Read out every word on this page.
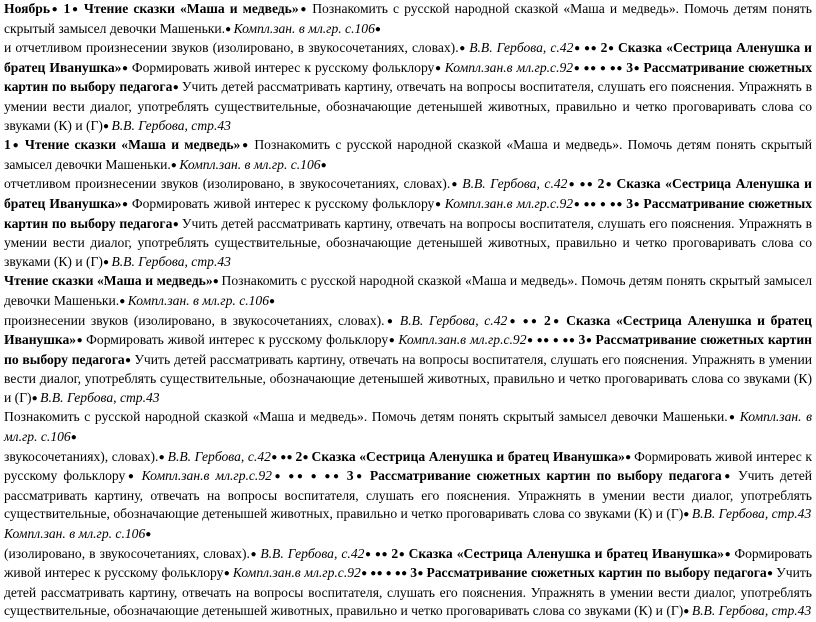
Ноябрь● 1● Чтение сказки «Маша и медведь»● Познакомить с русской народной сказкой «Маша и медведь». Помочь детям понять скрытый замысел девочки Машеньки.● Компл.зан. в мл.гр. с.106●

и отчетливом произнесении звуков (изолировано, в звукосочетаниях, словах).● В.В. Гербова, с.42● ●● 2● Сказка «Сестрица Аленушка и братец Иванушка»● Формировать живой интерес к русскому фольклору● Компл.зан.в мл.гр.с.92● ●● ● ●● 3● Рассматривание сюжетных картин по выбору педагога● Учить детей рассматривать картину, отвечать на вопросы воспитателя, слушать его пояснения. Упражнять в умении вести диалог, употреблять существительные, обозначающие детенышей животных, правильно и четко проговаривать слова со звуками (К) и (Г)● В.В. Гербова, стр.43

1● Чтение сказки «Маша и медведь»● Познакомить с русской народной сказкой «Маша и медведь». Помочь детям понять скрытый замысел девочки Машеньки.● Компл.зан. в мл.гр. с.106●

отчетливом произнесении звуков (изолировано, в звукосочетаниях, словах).● В.В. Гербова, с.42● ●● 2● Сказка «Сестрица Аленушка и братец Иванушка»● Формировать живой интерес к русскому фольклору● Компл.зан.в мл.гр.с.92● ●● ● ●● 3● Рассматривание сюжетных картин по выбору педагога● Учить детей рассматривать картину, отвечать на вопросы воспитателя, слушать его пояснения. Упражнять в умении вести диалог, употреблять существительные, обозначающие детенышей животных, правильно и четко проговаривать слова со звуками (К) и (Г)● В.В. Гербова, стр.43

Чтение сказки «Маша и медведь»● Познакомить с русской народной сказкой «Маша и медведь». Помочь детям понять скрытый замысел девочки Машеньки.● Компл.зан. в мл.гр. с.106●

произнесении звуков (изолировано, в звукосочетаниях, словах).● В.В. Гербова, с.42● ●● 2● Сказка «Сестрица Аленушка и братец Иванушка»● Формировать живой интерес к русскому фольклору● Компл.зан.в мл.гр.с.92● ●● ● ●● 3● Рассматривание сюжетных картин по выбору педагога● Учить детей рассматривать картину, отвечать на вопросы воспитателя, слушать его пояснения. Упражнять в умении вести диалог, употреблять существительные, обозначающие детенышей животных, правильно и четко проговаривать слова со звуками (К) и (Г)● В.В. Гербова, стр.43

Познакомить с русской народной сказкой «Маша и медведь». Помочь детям понять скрытый замысел девочки Машеньки.● Компл.зан. в мл.гр. с.106●

звукосочетаниях), словах).● В.В. Гербова, с.42● ●● 2● Сказка «Сестрица Аленушка и братец Иванушка»● Формировать живой интерес к русскому фольклору● Компл.зан.в мл.гр.с.92● ●● ● ●● 3● Рассматривание сюжетных картин по выбору педагога● Учить детей рассматривать картину, отвечать на вопросы воспитателя, слушать его пояснения. Упражнять в умении вести диалог, употреблять существительные, обозначающие детенышей животных, правильно и четко проговаривать слова со звуками (К) и (Г)● В.В. Гербова, стр.43

Компл.зан. в мл.гр. с.106●

(изолировано, в звукосочетаниях, словах).● В.В. Гербова, с.42● ●● 2● Сказка «Сестрица Аленушка и братец Иванушка»● Формировать живой интерес к русскому фольклору● Компл.зан.в мл.гр.с.92● ●● ● ●● 3● Рассматривание сюжетных картин по выбору педагога● Учить детей рассматривать картину, отвечать на вопросы воспитателя, слушать его пояснения. Упражнять в умении вести диалог, употреблять существительные, обозначающие детенышей животных, правильно и четко проговаривать слова со звуками (К) и (Г)● В.В. Гербова, стр.43
